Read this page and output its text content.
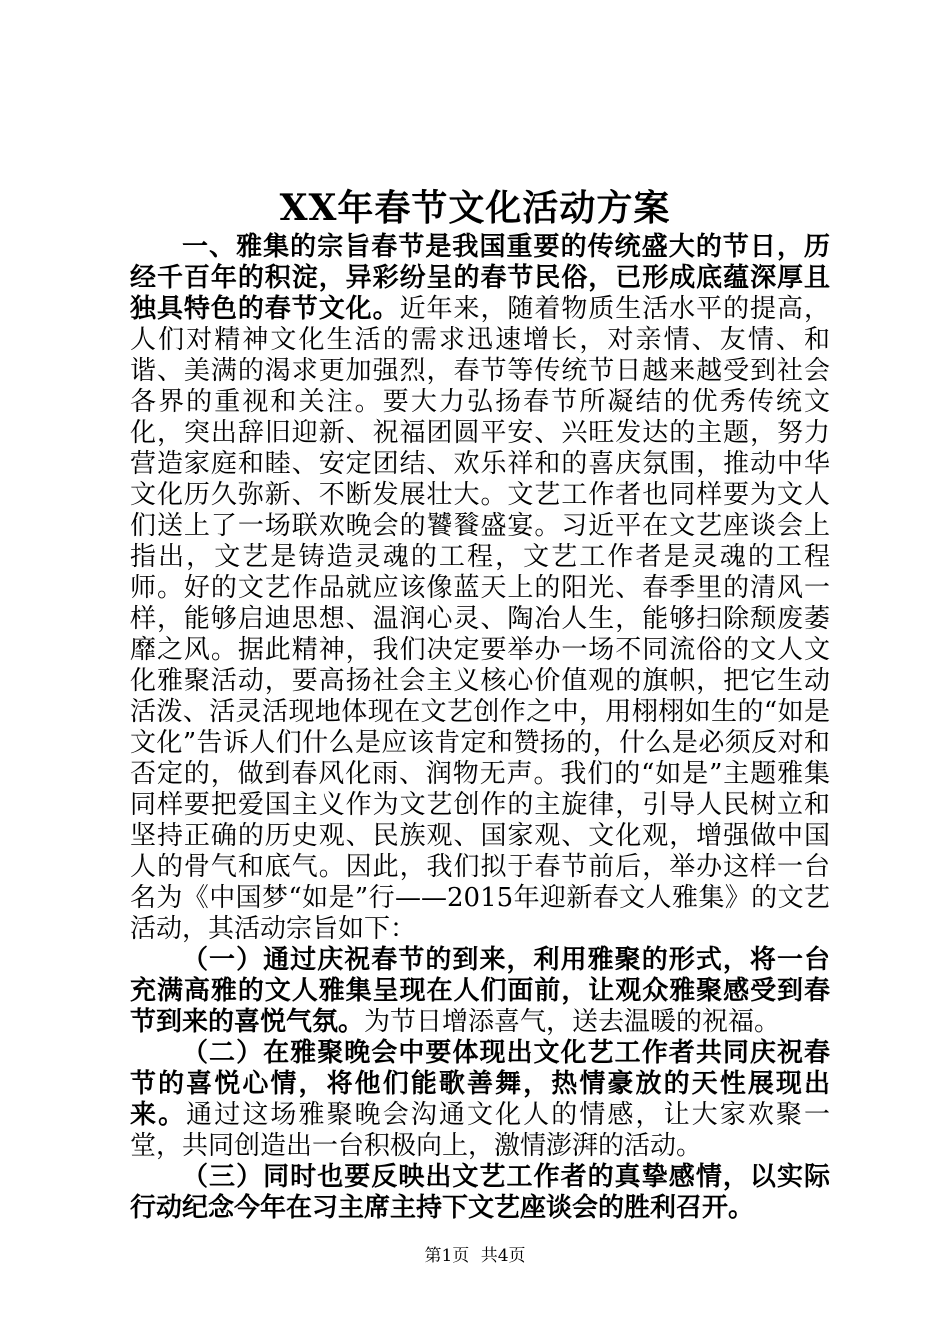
XX年春节文化活动方案

一、雅集的宗旨春节是我国重要的传统盛大的节日，历经千百年的积淀，异彩纷呈的春节民俗，已形成底蕴深厚且独具特色的春节文化。近年来，随着物质生活水平的提高，人们对精神文化生活的需求迅速增长，对亲情、友情、和谐、美满的渴求更加强烈，春节等传统节日越来越受到社会各界的重视和关注。要大力弘扬春节所凝结的优秀传统文化，突出辞旧迎新、祝福团圆平安、兴旺发达的主题，努力营造家庭和睦、安定团结、欢乐祥和的喜庆氛围，推动中华文化历久弥新、不断发展壮大。文艺工作者也同样要为文人们送上了一场联欢晚会的饕餮盛宴。习近平在文艺座谈会上指出，文艺是铸造灵魂的工程，文艺工作者是灵魂的工程师。好的文艺作品就应该像蓝天上的阳光、春季里的清风一样，能够启迪思想、温润心灵、陶冶人生，能够扫除颓废萎靡之风。据此精神，我们决定要举办一场不同流俗的文人文化雅聚活动，要高扬社会主义核心价值观的旗帜，把它生动活泼、活灵活现地体现在文艺创作之中，用栩栩如生的“如是文化”告诉人们什么是应该肯定和赞扬的，什么是必须反对和否定的，做到春风化雨、润物无声。我们的“如是”主题雅集同样要把爱国主义作为文艺创作的主旋律，引导人民树立和坚持正确的历史观、民族观、国家观、文化观，增强做中国人的骨气和底气。因此，我们拟于春节前后，举办这样一台名为《中国梦“如是”行——2015年迎新春文人雅集》的文艺活动，其活动宗旨如下：

（一）通过庆祝春节的到来，利用雅聚的形式，将一台充满高雅的文人雅集呈现在人们面前，让观众雅聚感受到春节到来的喜悦气氛。为节日增添喜气，送去温暖的祝福。

（二）在雅聚晚会中要体现出文化艺工作者共同庆祝春节的喜悦心情，将他们能歌善舞，热情豪放的天性展现出来。通过这场雅聚晚会沟通文化人的情感，让大家欢聚一堂，共同创造出一台积极向上，激情澎湃的活动。

（三）同时也要反映出文艺工作者的真挚感情，以实际行动纪念今年在习主席主持下文艺座谈会的胜利召开。

第1页 共4页
